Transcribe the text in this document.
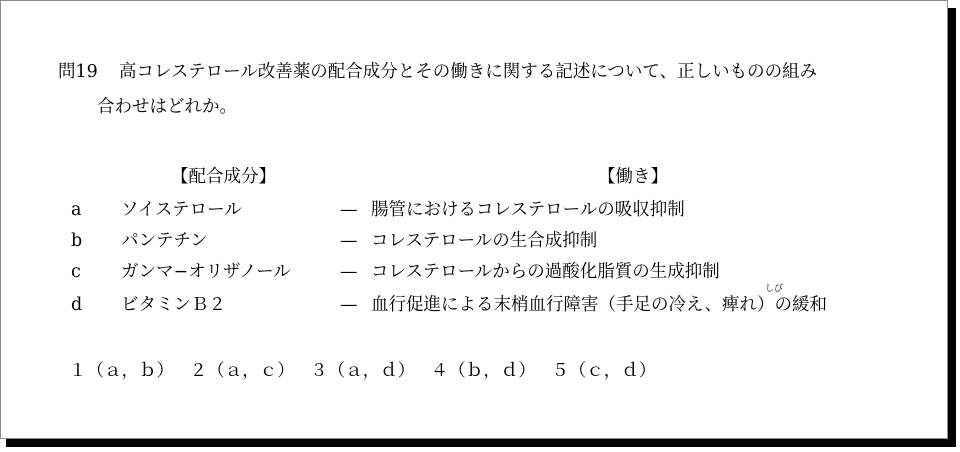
問19 高コレステロール改善薬の配合成分とその働きに関する記述について、正しいものの組み
合わせはどれか。
【配合成分】	【働き】
a ソイステロール	— 腸管におけるコレステロールの吸収抑制
b パンテチン	— コレステロールの生合成抑制
c ガンマ−オリザノール	— コレステロールからの過酸化脂質の生成抑制
しび
d ビタミンＢ２	— 血行促進による末梢血行障害（手足の冷え、痺れ）の緩和
１（ａ，ｂ） ２（ａ，ｃ） ３（ａ，ｄ） ４（ｂ，ｄ） ５（ｃ，ｄ）
